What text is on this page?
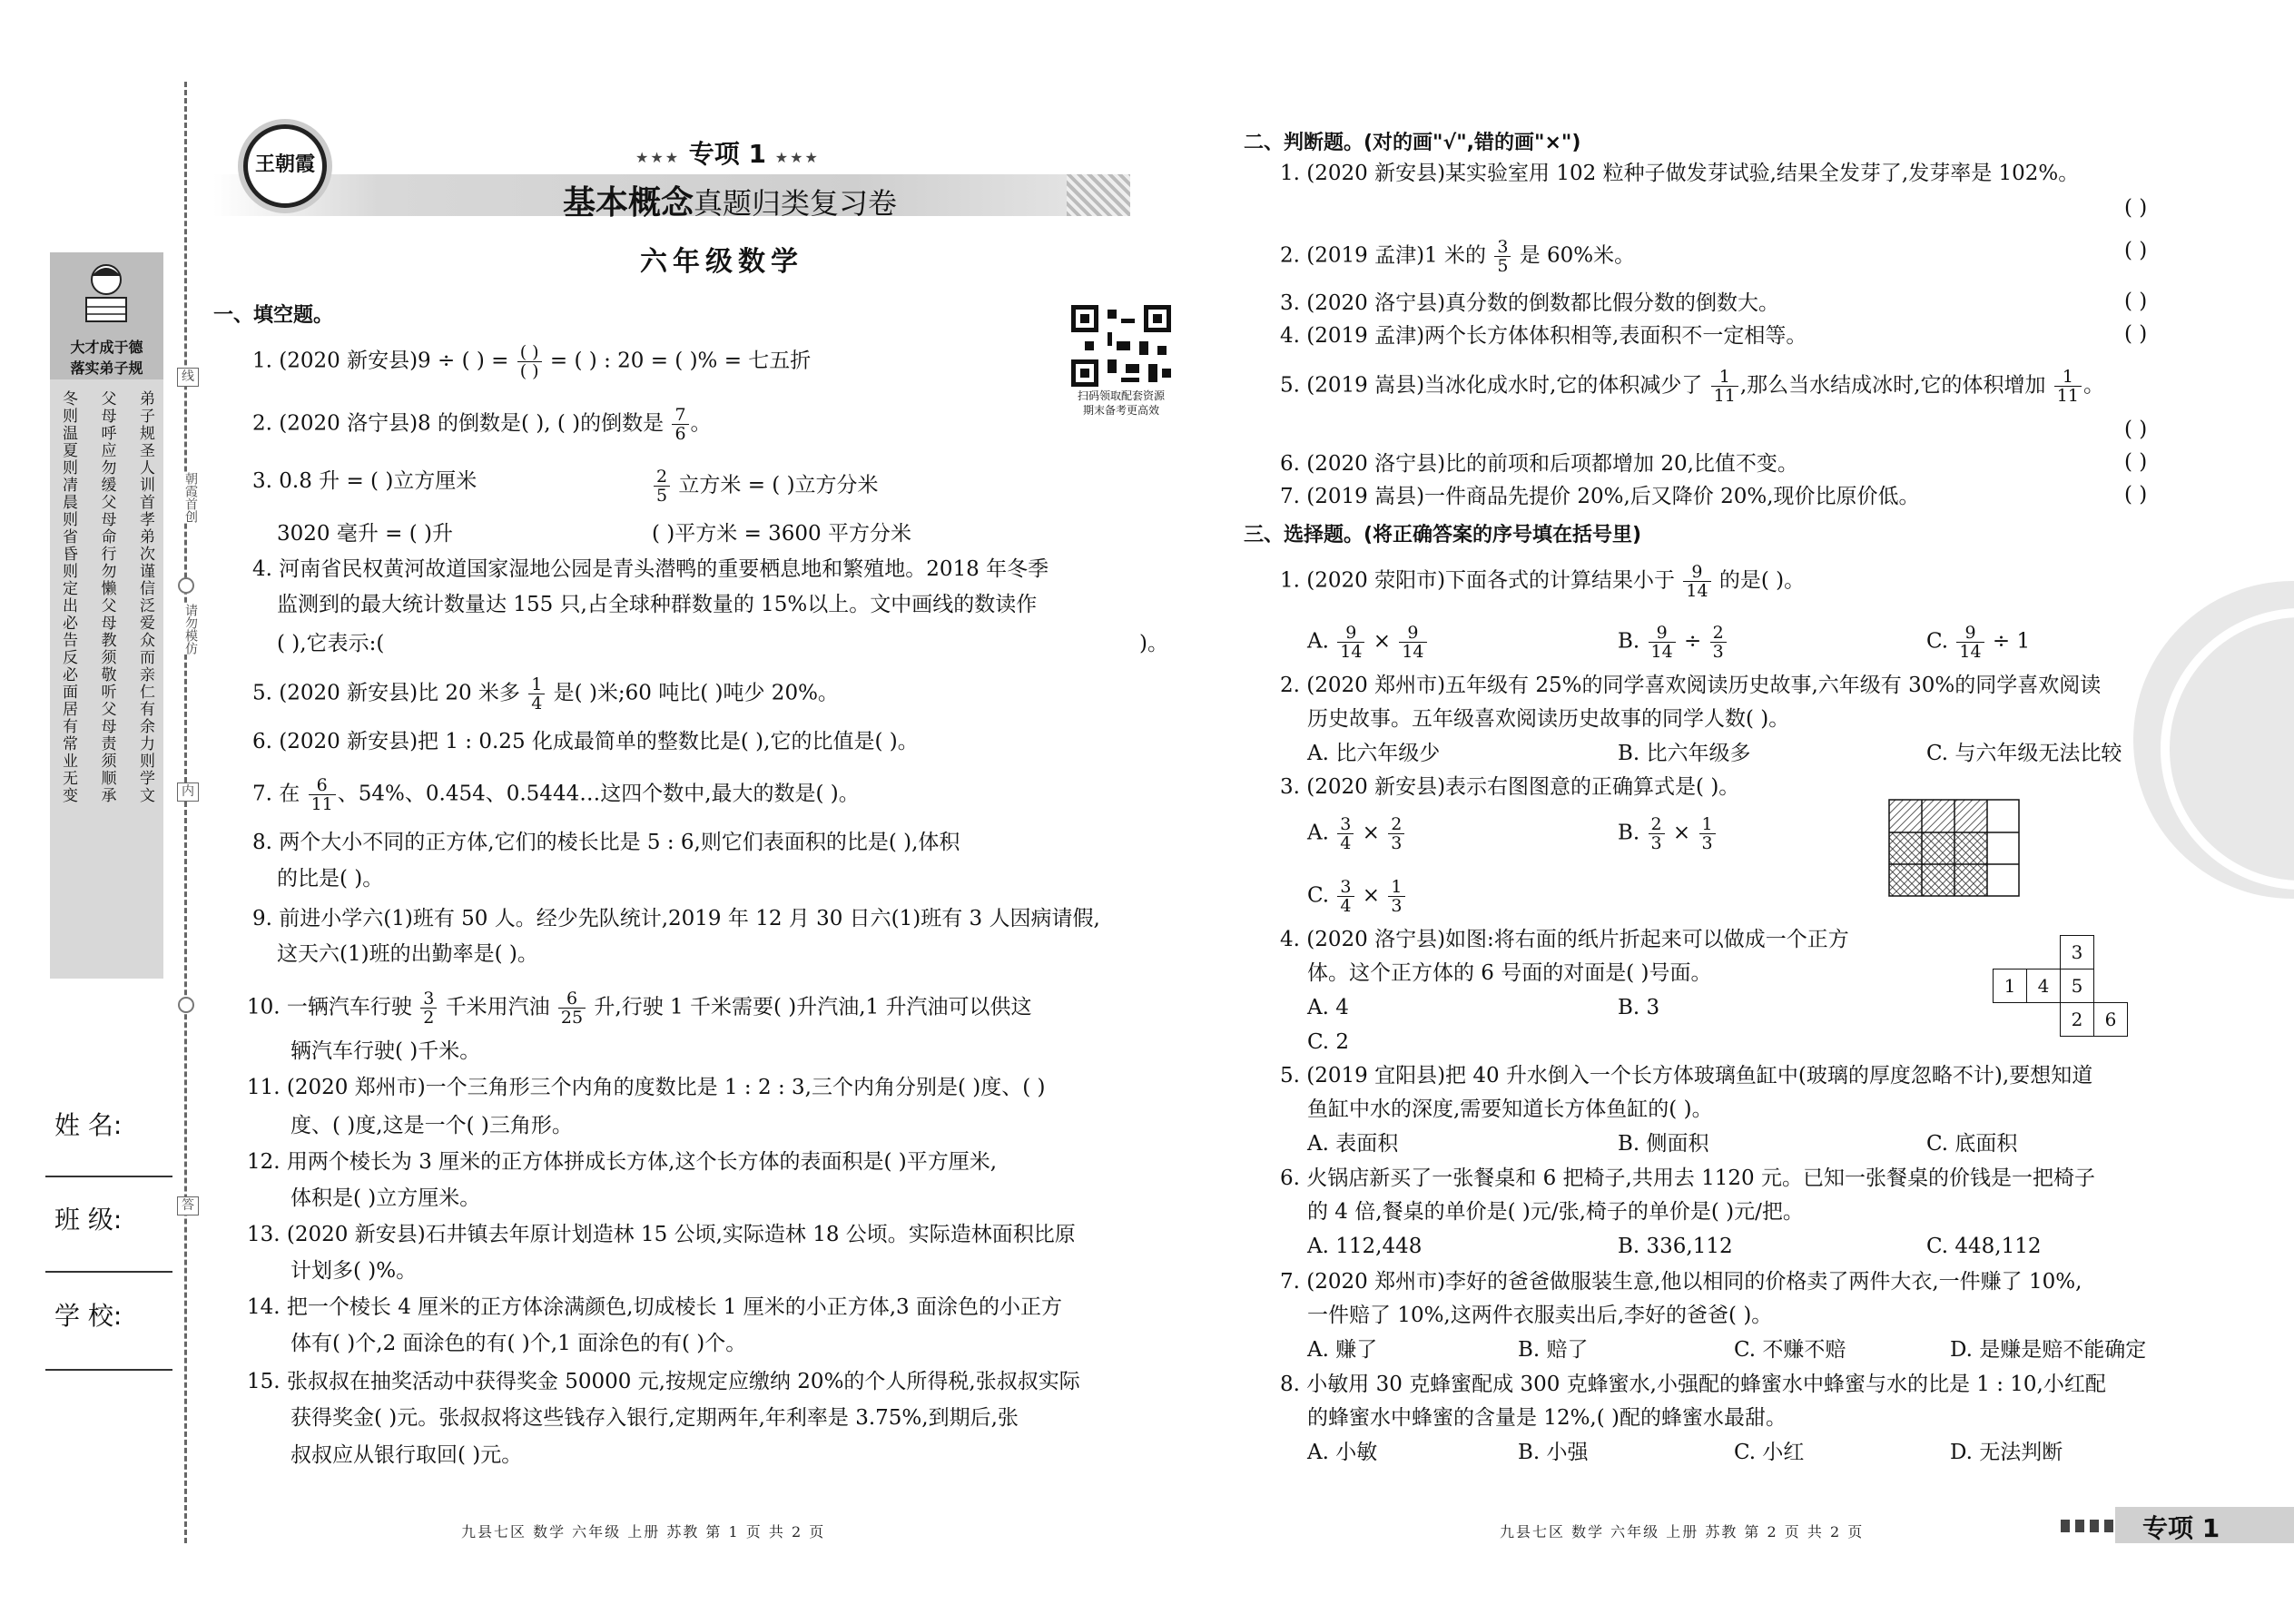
线
朝霞首创
请勿模仿
内
答
大才成于德
落实弟子规
弟子规圣人训首孝弟次谨信泛爱众而亲仁有余力则学文
父母呼应勿缓父母命行勿懒父母教须敬听父母责须顺承
冬则温夏则凊晨则省昏则定出必告反必面居有常业无变
姓 名:
班 级:
学 校:
王朝霞	★★★ 专项 1 ★★★
基本概念真题归类复习卷
六年级数学
扫码领取配套资源
期末备考更高效
一、填空题。
1. (2020 新安县)9 ÷ ( ) = $\frac{( )}{( )}$ = ( ) : 20 = ( )% = 七五折
2. (2020 洛宁县)8 的倒数是( ), ( )的倒数是 $\frac{7}{6}$ 。
3. 0.8 升 = ( )立方厘米	$\frac{2}{5}$ 立方米 = ( )立方分米
3020 毫升 = ( )升	( )平方米 = 3600 平方分米
4. 河南省民权黄河故道国家湿地公园是青头潜鸭的重要栖息地和繁殖地。2018 年冬季
监测到的最大统计数量达 155 只,占全球种群数量的 15%以上。文中画线的数读作
( ),它表示:(	)。
5. (2020 新安县)比 20 米多 $\frac{1}{4}$ 是( )米;60 吨比( )吨少 20%。
6. (2020 新安县)把 1 : 0.25 化成最简单的整数比是( ),它的比值是( )。
7. 在 $\frac{6}{11}$ 、54%、0.454、0.5444…这四个数中,最大的数是( )。
8. 两个大小不同的正方体,它们的棱长比是 5 : 6,则它们表面积的比是( ),体积
的比是( )。
9. 前进小学六(1)班有 50 人。经少先队统计,2019 年 12 月 30 日六(1)班有 3 人因病请假,
这天六(1)班的出勤率是( )。
10. 一辆汽车行驶 $\frac{3}{2}$ 千米用汽油 $\frac{6}{25}$ 升,行驶 1 千米需要( )升汽油,1 升汽油可以供这
辆汽车行驶( )千米。
11. (2020 郑州市)一个三角形三个内角的度数比是 1 : 2 : 3,三个内角分别是( )度、( )
度、( )度,这是一个( )三角形。
12. 用两个棱长为 3 厘米的正方体拼成长方体,这个长方体的表面积是( )平方厘米,
体积是( )立方厘米。
13. (2020 新安县)石井镇去年原计划造林 15 公顷,实际造林 18 公顷。实际造林面积比原
计划多( )%。
14. 把一个棱长 4 厘米的正方体涂满颜色,切成棱长 1 厘米的小正方体,3 面涂色的小正方
体有( )个,2 面涂色的有( )个,1 面涂色的有( )个。
15. 张叔叔在抽奖活动中获得奖金 50000 元,按规定应缴纳 20%的个人所得税,张叔叔实际
获得奖金( )元。张叔叔将这些钱存入银行,定期两年,年利率是 3.75%,到期后,张
叔叔应从银行取回( )元。
九县七区 数学 六年级 上册 苏教 第 1 页 共 2 页
二、判断题。(对的画"√",错的画"×")
1. (2020 新安县)某实验室用 102 粒种子做发芽试验,结果全发芽了,发芽率是 102%。
( )
2. (2019 孟津)1 米的 $\frac{3}{5}$ 是 60%米。	( )
3. (2020 洛宁县)真分数的倒数都比假分数的倒数大。	( )
4. (2019 孟津)两个长方体体积相等,表面积不一定相等。	( )
5. (2019 嵩县)当冰化成水时,它的体积减少了 $\frac{1}{11}$ ,那么当水结成冰时,它的体积增加 $\frac{1}{11}$ 。
( )
6. (2020 洛宁县)比的前项和后项都增加 20,比值不变。	( )
7. (2019 嵩县)一件商品先提价 20%,后又降价 20%,现价比原价低。	( )
三、选择题。(将正确答案的序号填在括号里)
1. (2020 荥阳市)下面各式的计算结果小于 $\frac{9}{14}$ 的是( )。
A. $\frac{9}{14} \times \frac{9}{14}$	B. $\frac{9}{14} \div \frac{2}{3}$	C. $\frac{9}{14} \div 1$
2. (2020 郑州市)五年级有 25%的同学喜欢阅读历史故事,六年级有 30%的同学喜欢阅读
历史故事。五年级喜欢阅读历史故事的同学人数( )。
A. 比六年级少	B. 比六年级多	C. 与六年级无法比较
3. (2020 新安县)表示右图图意的正确算式是( )。
A. $\frac{3}{4} \times \frac{2}{3}$	B. $\frac{2}{3} \times \frac{1}{3}$
C. $\frac{3}{4} \times \frac{1}{3}$
4. (2020 洛宁县)如图:将右面的纸片折起来可以做成一个正方
体。这个正方体的 6 号面的对面是( )号面。
A. 4	B. 3
C. 2
3
1	4	5
2	6
5. (2019 宜阳县)把 40 升水倒入一个长方体玻璃鱼缸中(玻璃的厚度忽略不计),要想知道
鱼缸中水的深度,需要知道长方体鱼缸的( )。
A. 表面积	B. 侧面积	C. 底面积
6. 火锅店新买了一张餐桌和 6 把椅子,共用去 1120 元。已知一张餐桌的价钱是一把椅子
的 4 倍,餐桌的单价是( )元/张,椅子的单价是( )元/把。
A. 112,448	B. 336,112	C. 448,112
7. (2020 郑州市)李好的爸爸做服装生意,他以相同的价格卖了两件大衣,一件赚了 10%,
一件赔了 10%,这两件衣服卖出后,李好的爸爸( )。
A. 赚了	B. 赔了	C. 不赚不赔	D. 是赚是赔不能确定
8. 小敏用 30 克蜂蜜配成 300 克蜂蜜水,小强配的蜂蜜水中蜂蜜与水的比是 1 : 10,小红配
的蜂蜜水中蜂蜜的含量是 12%,( )配的蜂蜜水最甜。
A. 小敏	B. 小强	C. 小红	D. 无法判断
九县七区 数学 六年级 上册 苏教 第 2 页 共 2 页	专项 1
